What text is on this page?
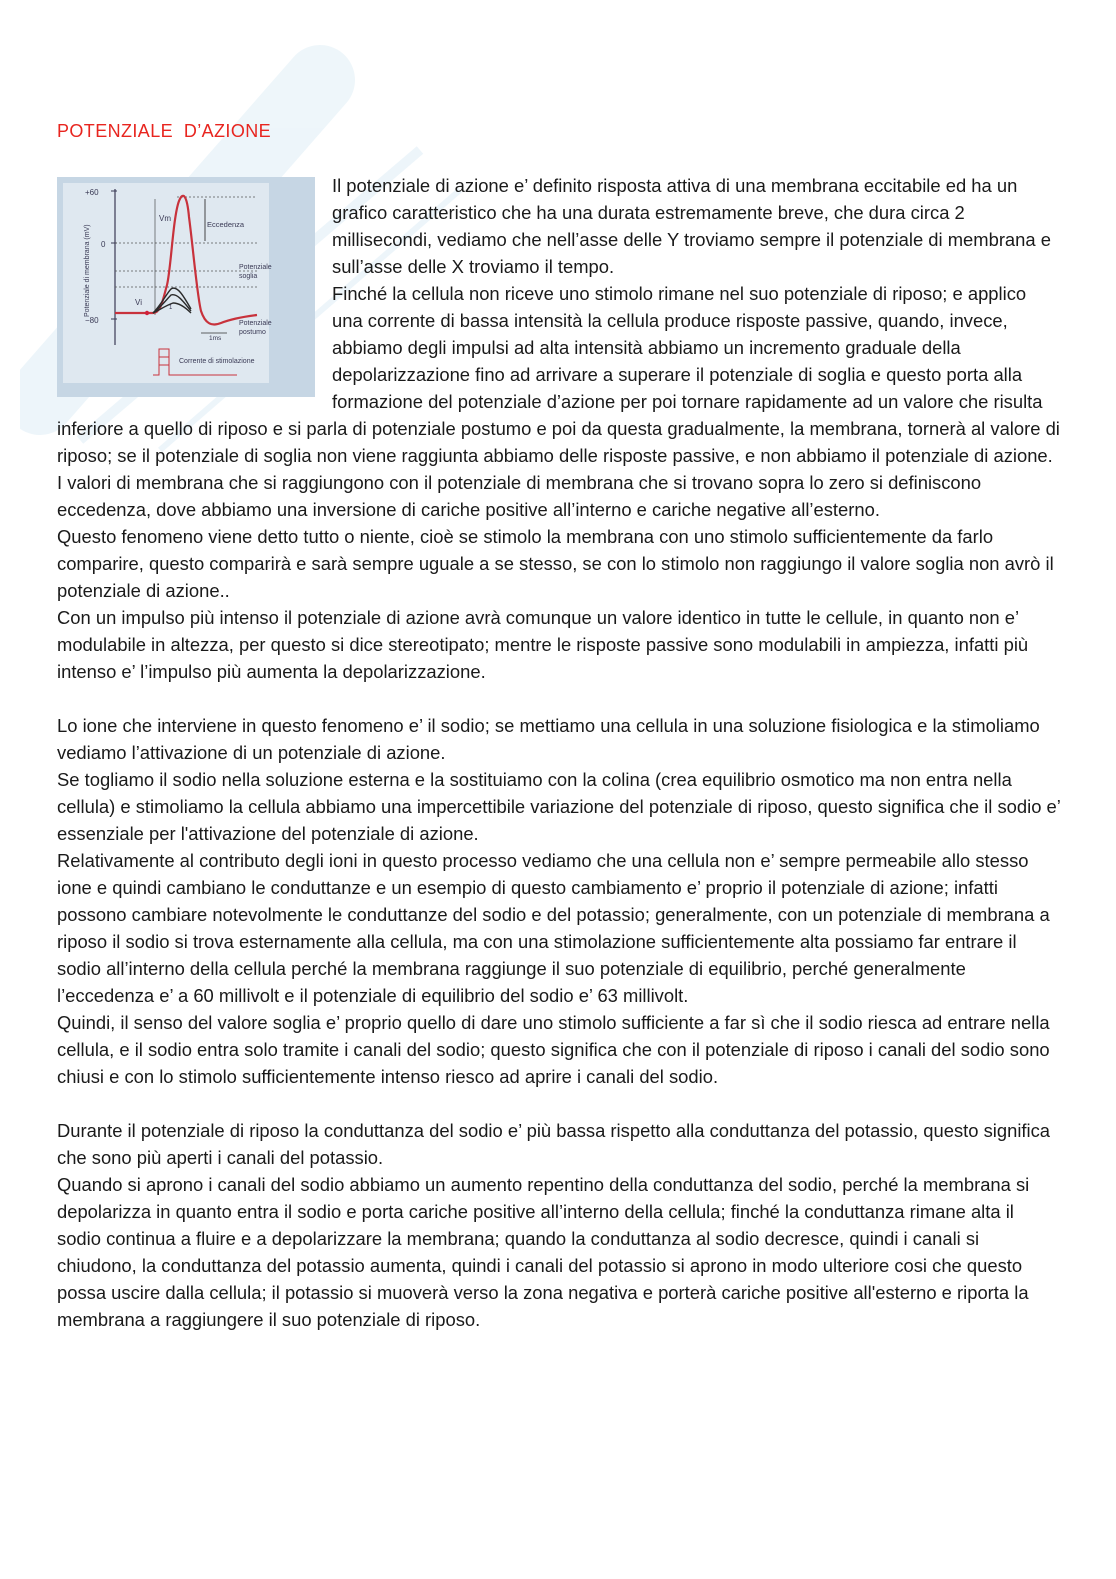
POTENZIALE  D’AZIONE
+60
0
−80
Potenziale di membrana (mV)	Eccedenza
Vm
Vi
1
Potenziale
soglia
Potenziale
postumo
1ms
Corrente di stimolazione

Il potenziale di azione e’ definito risposta attiva di una membrana eccitabile ed ha un grafico caratteristico che ha una durata estremamente breve, che dura circa 2 millisecondi, vediamo che nell’asse delle Y troviamo sempre il potenziale di membrana e sull’asse delle X troviamo il tempo.

Finché la cellula non riceve uno stimolo rimane nel suo potenziale di riposo; e applico una corrente di bassa intensità la cellula produce risposte passive, quando, invece, abbiamo degli impulsi ad alta intensità abbiamo un incremento graduale della depolarizzazione fino ad arrivare a superare il potenziale di soglia e questo porta alla formazione del potenziale d’azione per poi tornare rapidamente ad un valore che risulta inferiore a quello di riposo e si parla di potenziale postumo e poi da questa gradualmente, la membrana, tornerà al valore di riposo; se il potenziale di soglia non viene raggiunta abbiamo delle risposte passive, e non abbiamo il potenziale di azione.

I valori di membrana che si raggiungono con il potenziale di membrana che si trovano sopra lo zero si definiscono eccedenza, dove abbiamo una inversione di cariche positive all’interno e cariche negative all’esterno.

Questo fenomeno viene detto tutto o niente, cioè se stimolo la membrana con uno stimolo sufficientemente da farlo comparire, questo comparirà e sarà sempre uguale a se stesso, se con lo stimolo non raggiungo il valore soglia non avrò il potenziale di azione..

Con un impulso più intenso il potenziale di azione avrà comunque un valore identico in tutte le cellule, in quanto non e’ modulabile in altezza, per questo si dice stereotipato; mentre le risposte passive sono modulabili in ampiezza, infatti più intenso e’ l’impulso più aumenta la depolarizzazione.

Lo ione che interviene in questo fenomeno e’ il sodio; se mettiamo una cellula in una soluzione fisiologica e la stimoliamo vediamo l’attivazione di un potenziale di azione.

Se togliamo il sodio nella soluzione esterna e la sostituiamo con la colina (crea equilibrio osmotico ma non entra nella cellula) e stimoliamo la cellula abbiamo una impercettibile variazione del potenziale di riposo, questo significa che il sodio e’ essenziale per l'attivazione del potenziale di azione.

Relativamente al contributo degli ioni in questo processo vediamo che una cellula non e’ sempre permeabile allo stesso ione e quindi cambiano le conduttanze e un esempio di questo cambiamento e’ proprio il potenziale di azione; infatti possono cambiare notevolmente le conduttanze del sodio e del potassio; generalmente, con un potenziale di membrana a riposo il sodio si trova esternamente alla cellula, ma con una stimolazione sufficientemente alta possiamo far entrare il sodio all’interno della cellula perché la membrana raggiunge il suo potenziale di equilibrio, perché generalmente l’eccedenza e’ a 60 millivolt e il potenziale di equilibrio del sodio e’ 63 millivolt.

Quindi, il senso del valore soglia e’ proprio quello di dare uno stimolo sufficiente a far sì che il sodio riesca ad entrare nella cellula, e il sodio entra solo tramite i canali del sodio; questo significa che con il potenziale di riposo i canali del sodio sono chiusi e con lo stimolo sufficientemente intenso riesco ad aprire i canali del sodio.

Durante il potenziale di riposo la conduttanza del sodio e’ più bassa rispetto alla conduttanza del potassio, questo significa che sono più aperti i canali del potassio.

Quando si aprono i canali del sodio abbiamo un aumento repentino della conduttanza del sodio, perché la membrana si depolarizza in quanto entra il sodio e porta cariche positive all’interno della cellula; finché la conduttanza rimane alta il sodio continua a fluire e a depolarizzare la membrana; quando la conduttanza al sodio decresce, quindi i canali si chiudono, la conduttanza del potassio aumenta, quindi i canali del potassio si aprono in modo ulteriore cosi che questo possa uscire dalla cellula; il potassio si muoverà verso la zona negativa e porterà cariche positive all'esterno e riporta la membrana a raggiungere il suo potenziale di riposo.
